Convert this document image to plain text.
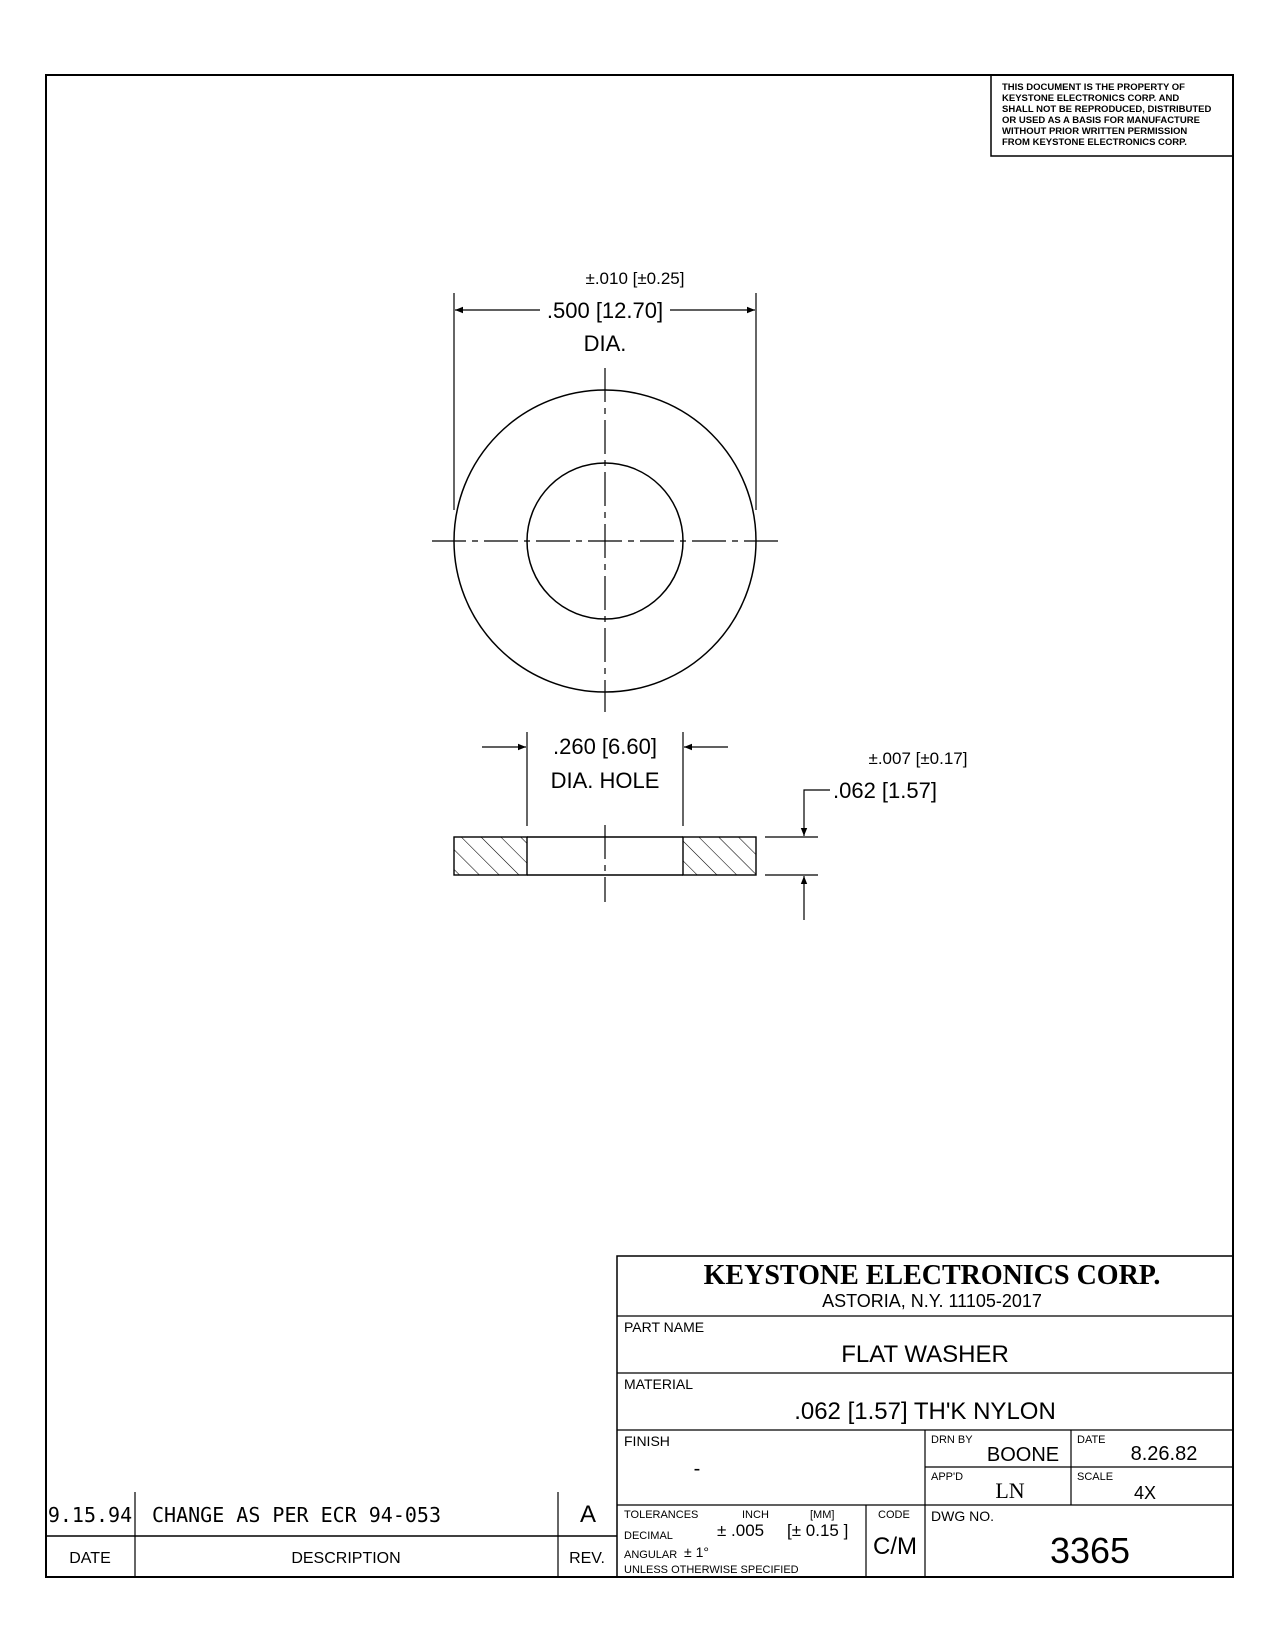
THIS DOCUMENT IS THE PROPERTY OF
KEYSTONE ELECTRONICS CORP. AND
SHALL NOT BE REPRODUCED, DISTRIBUTED
OR USED AS A BASIS FOR MANUFACTURE
WITHOUT PRIOR WRITTEN PERMISSION
FROM KEYSTONE ELECTRONICS CORP.
±.010 [±0.25]
.500 [12.70]
DIA.
.260 [6.60]
DIA. HOLE
±.007 [±0.17]
.062 [1.57]
KEYSTONE ELECTRONICS CORP.
ASTORIA, N.Y. 11105-2017
PART NAME
FLAT WASHER
MATERIAL
.062 [1.57] TH'K NYLON
FINISH
-
DRN BY
BOONE
DATE
8.26.82
APP'D
LN
SCALE
4X
TOLERANCES	INCH	[MM]
DECIMAL	± .005 [± 0.15 ]
ANGULAR ± 1°
UNLESS OTHERWISE SPECIFIED
CODE
C/M
DWG NO.
3365
9.15.94 CHANGE AS PER ECR 94-053	A
DATE	DESCRIPTION	REV.
